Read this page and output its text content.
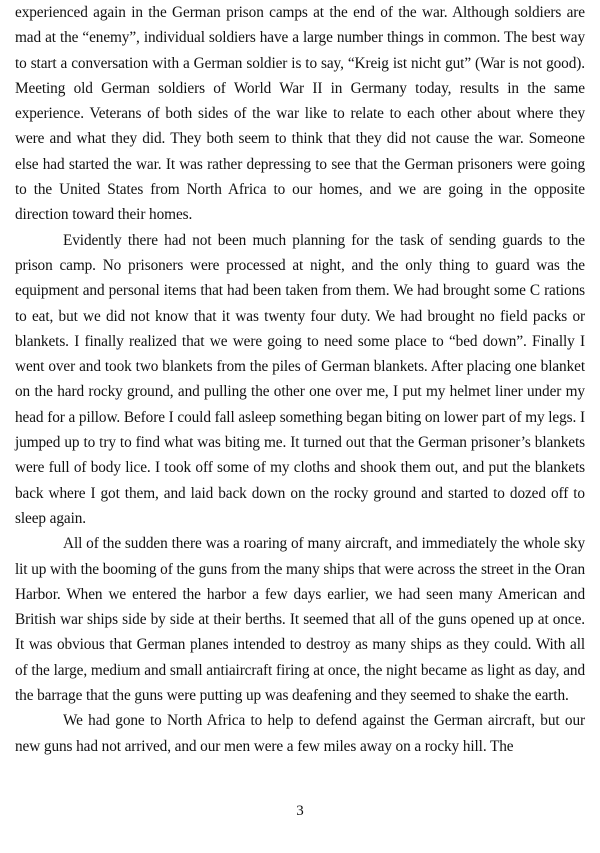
experienced again in the German prison camps at the end of the war. Although soldiers are mad at the “enemy”, individual soldiers have a large number things in common. The best way to start a conversation with a German soldier is to say, “Kreig ist nicht gut” (War is not good). Meeting old German soldiers of World War II in Germany today, results in the same experience. Veterans of both sides of the war like to relate to each other about where they were and what they did. They both seem to think that they did not cause the war. Someone else had started the war. It was rather depressing to see that the German prisoners were going to the United States from North Africa to our homes, and we are going in the opposite direction toward their homes.

Evidently there had not been much planning for the task of sending guards to the prison camp. No prisoners were processed at night, and the only thing to guard was the equipment and personal items that had been taken from them. We had brought some C rations to eat, but we did not know that it was twenty four duty. We had brought no field packs or blankets. I finally realized that we were going to need some place to “bed down”. Finally I went over and took two blankets from the piles of German blankets. After placing one blanket on the hard rocky ground, and pulling the other one over me, I put my helmet liner under my head for a pillow. Before I could fall asleep something began biting on lower part of my legs. I jumped up to try to find what was biting me. It turned out that the German prisoner’s blankets were full of body lice. I took off some of my cloths and shook them out, and put the blankets back where I got them, and laid back down on the rocky ground and started to dozed off to sleep again.

All of the sudden there was a roaring of many aircraft, and immediately the whole sky lit up with the booming of the guns from the many ships that were across the street in the Oran Harbor. When we entered the harbor a few days earlier, we had seen many American and British war ships side by side at their berths. It seemed that all of the guns opened up at once. It was obvious that German planes intended to destroy as many ships as they could. With all of the large, medium and small antiaircraft firing at once, the night became as light as day, and the barrage that the guns were putting up was deafening and they seemed to shake the earth.

We had gone to North Africa to help to defend against the German aircraft, but our new guns had not arrived, and our men were a few miles away on a rocky hill. The

3
